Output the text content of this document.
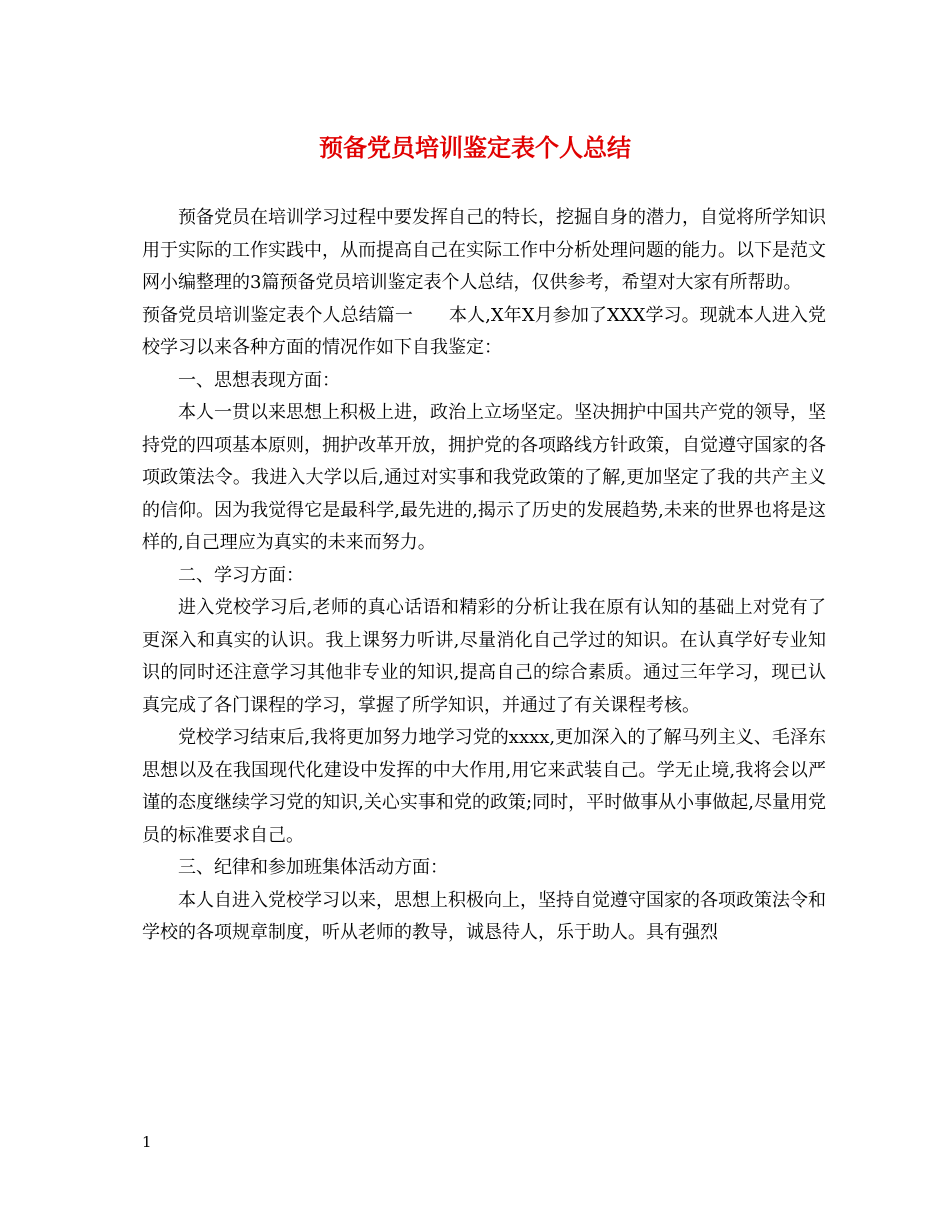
预备党员培训鉴定表个人总结

预备党员在培训学习过程中要发挥自己的特长，挖掘自身的潜力，自觉将所学知识用于实际的工作实践中，从而提高自己在实际工作中分析处理问题的能力。以下是范文网小编整理的3篇预备党员培训鉴定表个人总结，仅供参考，希望对大家有所帮助。

预备党员培训鉴定表个人总结篇一　　本人,X年X月参加了XXX学习。现就本人进入党校学习以来各种方面的情况作如下自我鉴定：

一、思想表现方面：

本人一贯以来思想上积极上进，政治上立场坚定。坚决拥护中国共产党的领导，坚持党的四项基本原则，拥护改革开放，拥护党的各项路线方针政策，自觉遵守国家的各项政策法令。我进入大学以后,通过对实事和我党政策的了解,更加坚定了我的共产主义的信仰。因为我觉得它是最科学,最先进的,揭示了历史的发展趋势,未来的世界也将是这样的,自己理应为真实的未来而努力。

二、学习方面：

进入党校学习后,老师的真心话语和精彩的分析让我在原有认知的基础上对党有了更深入和真实的认识。我上课努力听讲,尽量消化自己学过的知识。在认真学好专业知识的同时还注意学习其他非专业的知识,提高自己的综合素质。通过三年学习，现已认真完成了各门课程的学习，掌握了所学知识，并通过了有关课程考核。

党校学习结束后,我将更加努力地学习党的xxxx,更加深入的了解马列主义、毛泽东思想以及在我国现代化建设中发挥的中大作用,用它来武装自己。学无止境,我将会以严谨的态度继续学习党的知识,关心实事和党的政策;同时，平时做事从小事做起,尽量用党员的标准要求自己。

三、纪律和参加班集体活动方面：

本人自进入党校学习以来，思想上积极向上，坚持自觉遵守国家的各项政策法令和学校的各项规章制度，听从老师的教导，诚恳待人，乐于助人。具有强烈

1
